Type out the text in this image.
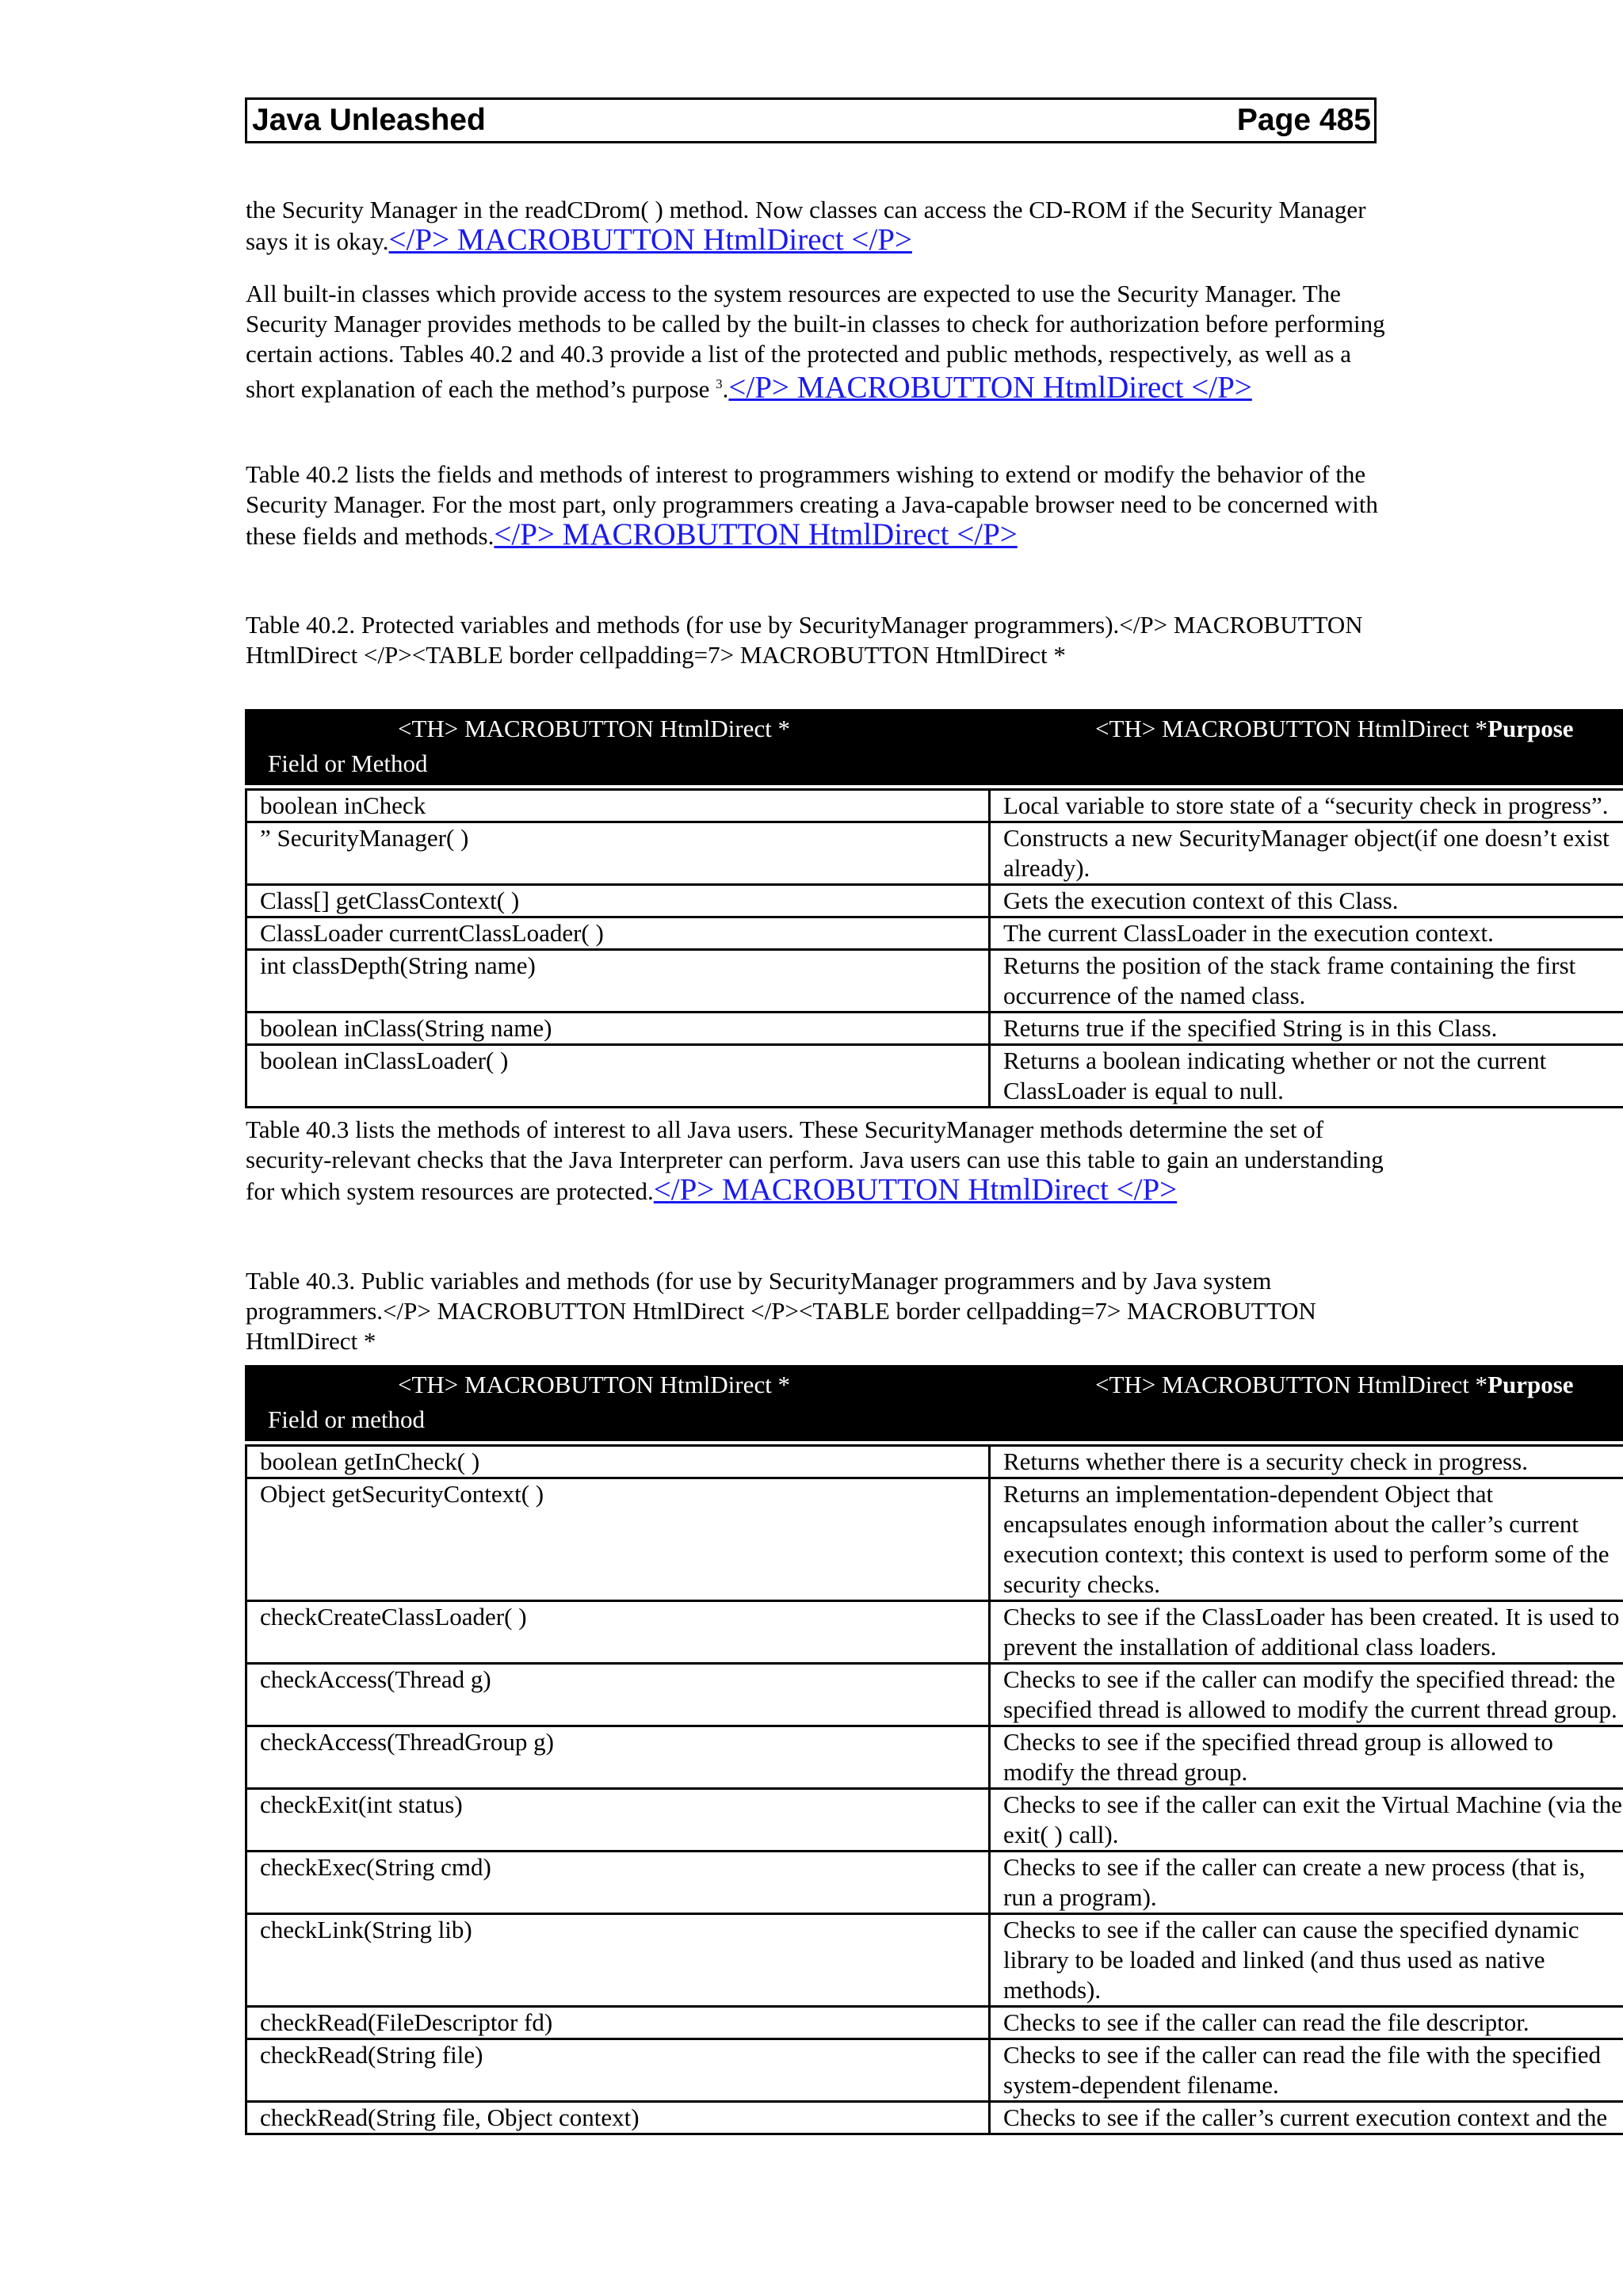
Java Unleashed	Page 485
the Security Manager in the readCDrom( ) method. Now classes can access the CD-ROM if the Security Manager says it is okay.</P> MACROBUTTON HtmlDirect </P>
All built-in classes which provide access to the system resources are expected to use the Security Manager. The Security Manager provides methods to be called by the built-in classes to check for authorization before performing certain actions. Tables 40.2 and 40.3 provide a list of the protected and public methods, respectively, as well as a short explanation of each the method’s purpose $^3$.</P> MACROBUTTON HtmlDirect </P>
Table 40.2 lists the fields and methods of interest to programmers wishing to extend or modify the behavior of the Security Manager. For the most part, only programmers creating a Java-capable browser need to be concerned with these fields and methods.</P> MACROBUTTON HtmlDirect </P>
Table 40.2. Protected variables and methods (for use by SecurityManager programmers).</P> MACROBUTTON HtmlDirect </P><TABLE border cellpadding=7> MACROBUTTON HtmlDirect *
<TH> MACROBUTTON HtmlDirect *
Field or Method	<TH> MACROBUTTON HtmlDirect *Purpose

boolean inCheck	Local variable to store state of a “security check in progress”.
” SecurityManager( )	Constructs a new SecurityManager object(if one doesn’t exist already).
Class[] getClassContext( )	Gets the execution context of this Class.
ClassLoader currentClassLoader( )	The current ClassLoader in the execution context.
int classDepth(String name)	Returns the position of the stack frame containing the first occurrence of the named class.
boolean inClass(String name)	Returns true if the specified String is in this Class.
boolean inClassLoader( )	Returns a boolean indicating whether or not the current ClassLoader is equal to null.
Table 40.3 lists the methods of interest to all Java users. These SecurityManager methods determine the set of security-relevant checks that the Java Interpreter can perform. Java users can use this table to gain an understanding for which system resources are protected.</P> MACROBUTTON HtmlDirect </P>
Table 40.3. Public variables and methods (for use by SecurityManager programmers and by Java system programmers.</P> MACROBUTTON HtmlDirect </P><TABLE border cellpadding=7> MACROBUTTON HtmlDirect *
<TH> MACROBUTTON HtmlDirect *
Field or method	<TH> MACROBUTTON HtmlDirect *Purpose

boolean getInCheck( )	Returns whether there is a security check in progress.
Object getSecurityContext( )	Returns an implementation-dependent Object that encapsulates enough information about the caller’s current execution context; this context is used to perform some of the security checks.
checkCreateClassLoader( )	Checks to see if the ClassLoader has been created. It is used to prevent the installation of additional class loaders.
checkAccess(Thread g)	Checks to see if the caller can modify the specified thread: the specified thread is allowed to modify the current thread group.
checkAccess(ThreadGroup g)	Checks to see if the specified thread group is allowed to modify the thread group.
checkExit(int status)	Checks to see if the caller can exit the Virtual Machine (via the exit( ) call).
checkExec(String cmd)	Checks to see if the caller can create a new process (that is, run a program).
checkLink(String lib)	Checks to see if the caller can cause the specified dynamic library to be loaded and linked (and thus used as native methods).
checkRead(FileDescriptor fd)	Checks to see if the caller can read the file descriptor.
checkRead(String file)	Checks to see if the caller can read the file with the specified system-dependent filename.
checkRead(String file, Object context)	Checks to see if the caller’s current execution context and the
